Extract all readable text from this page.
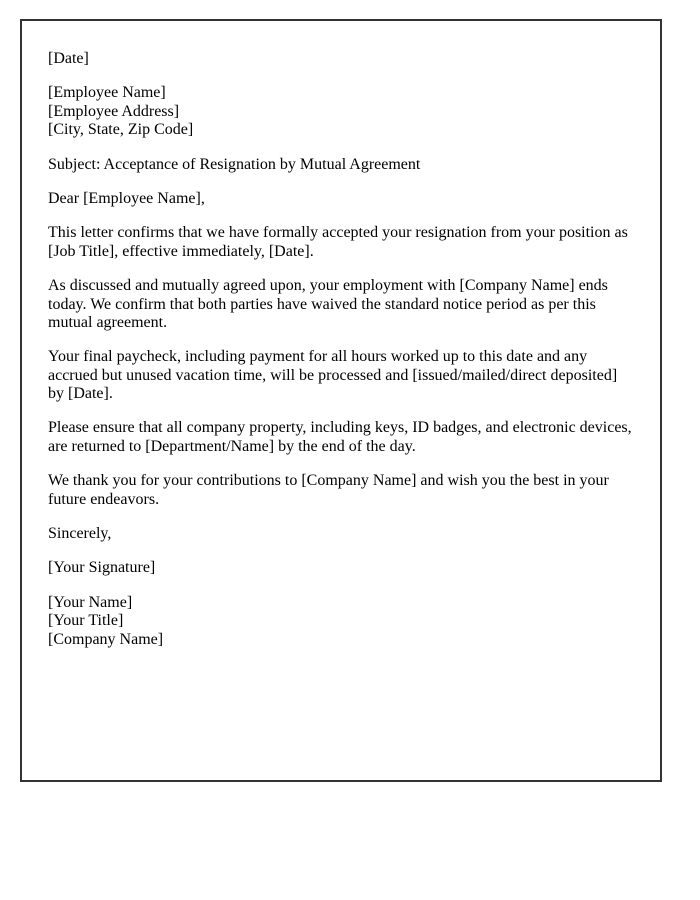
[Date]

[Employee Name]
[Employee Address]
[City, State, Zip Code]

Subject: Acceptance of Resignation by Mutual Agreement

Dear [Employee Name],

This letter confirms that we have formally accepted your resignation from your position as [Job Title], effective immediately, [Date].

As discussed and mutually agreed upon, your employment with [Company Name] ends today. We confirm that both parties have waived the standard notice period as per this mutual agreement.

Your final paycheck, including payment for all hours worked up to this date and any accrued but unused vacation time, will be processed and [issued/mailed/direct deposited] by [Date].

Please ensure that all company property, including keys, ID badges, and electronic devices, are returned to [Department/Name] by the end of the day.

We thank you for your contributions to [Company Name] and wish you the best in your future endeavors.

Sincerely,

[Your Signature]

[Your Name]
[Your Title]
[Company Name]
